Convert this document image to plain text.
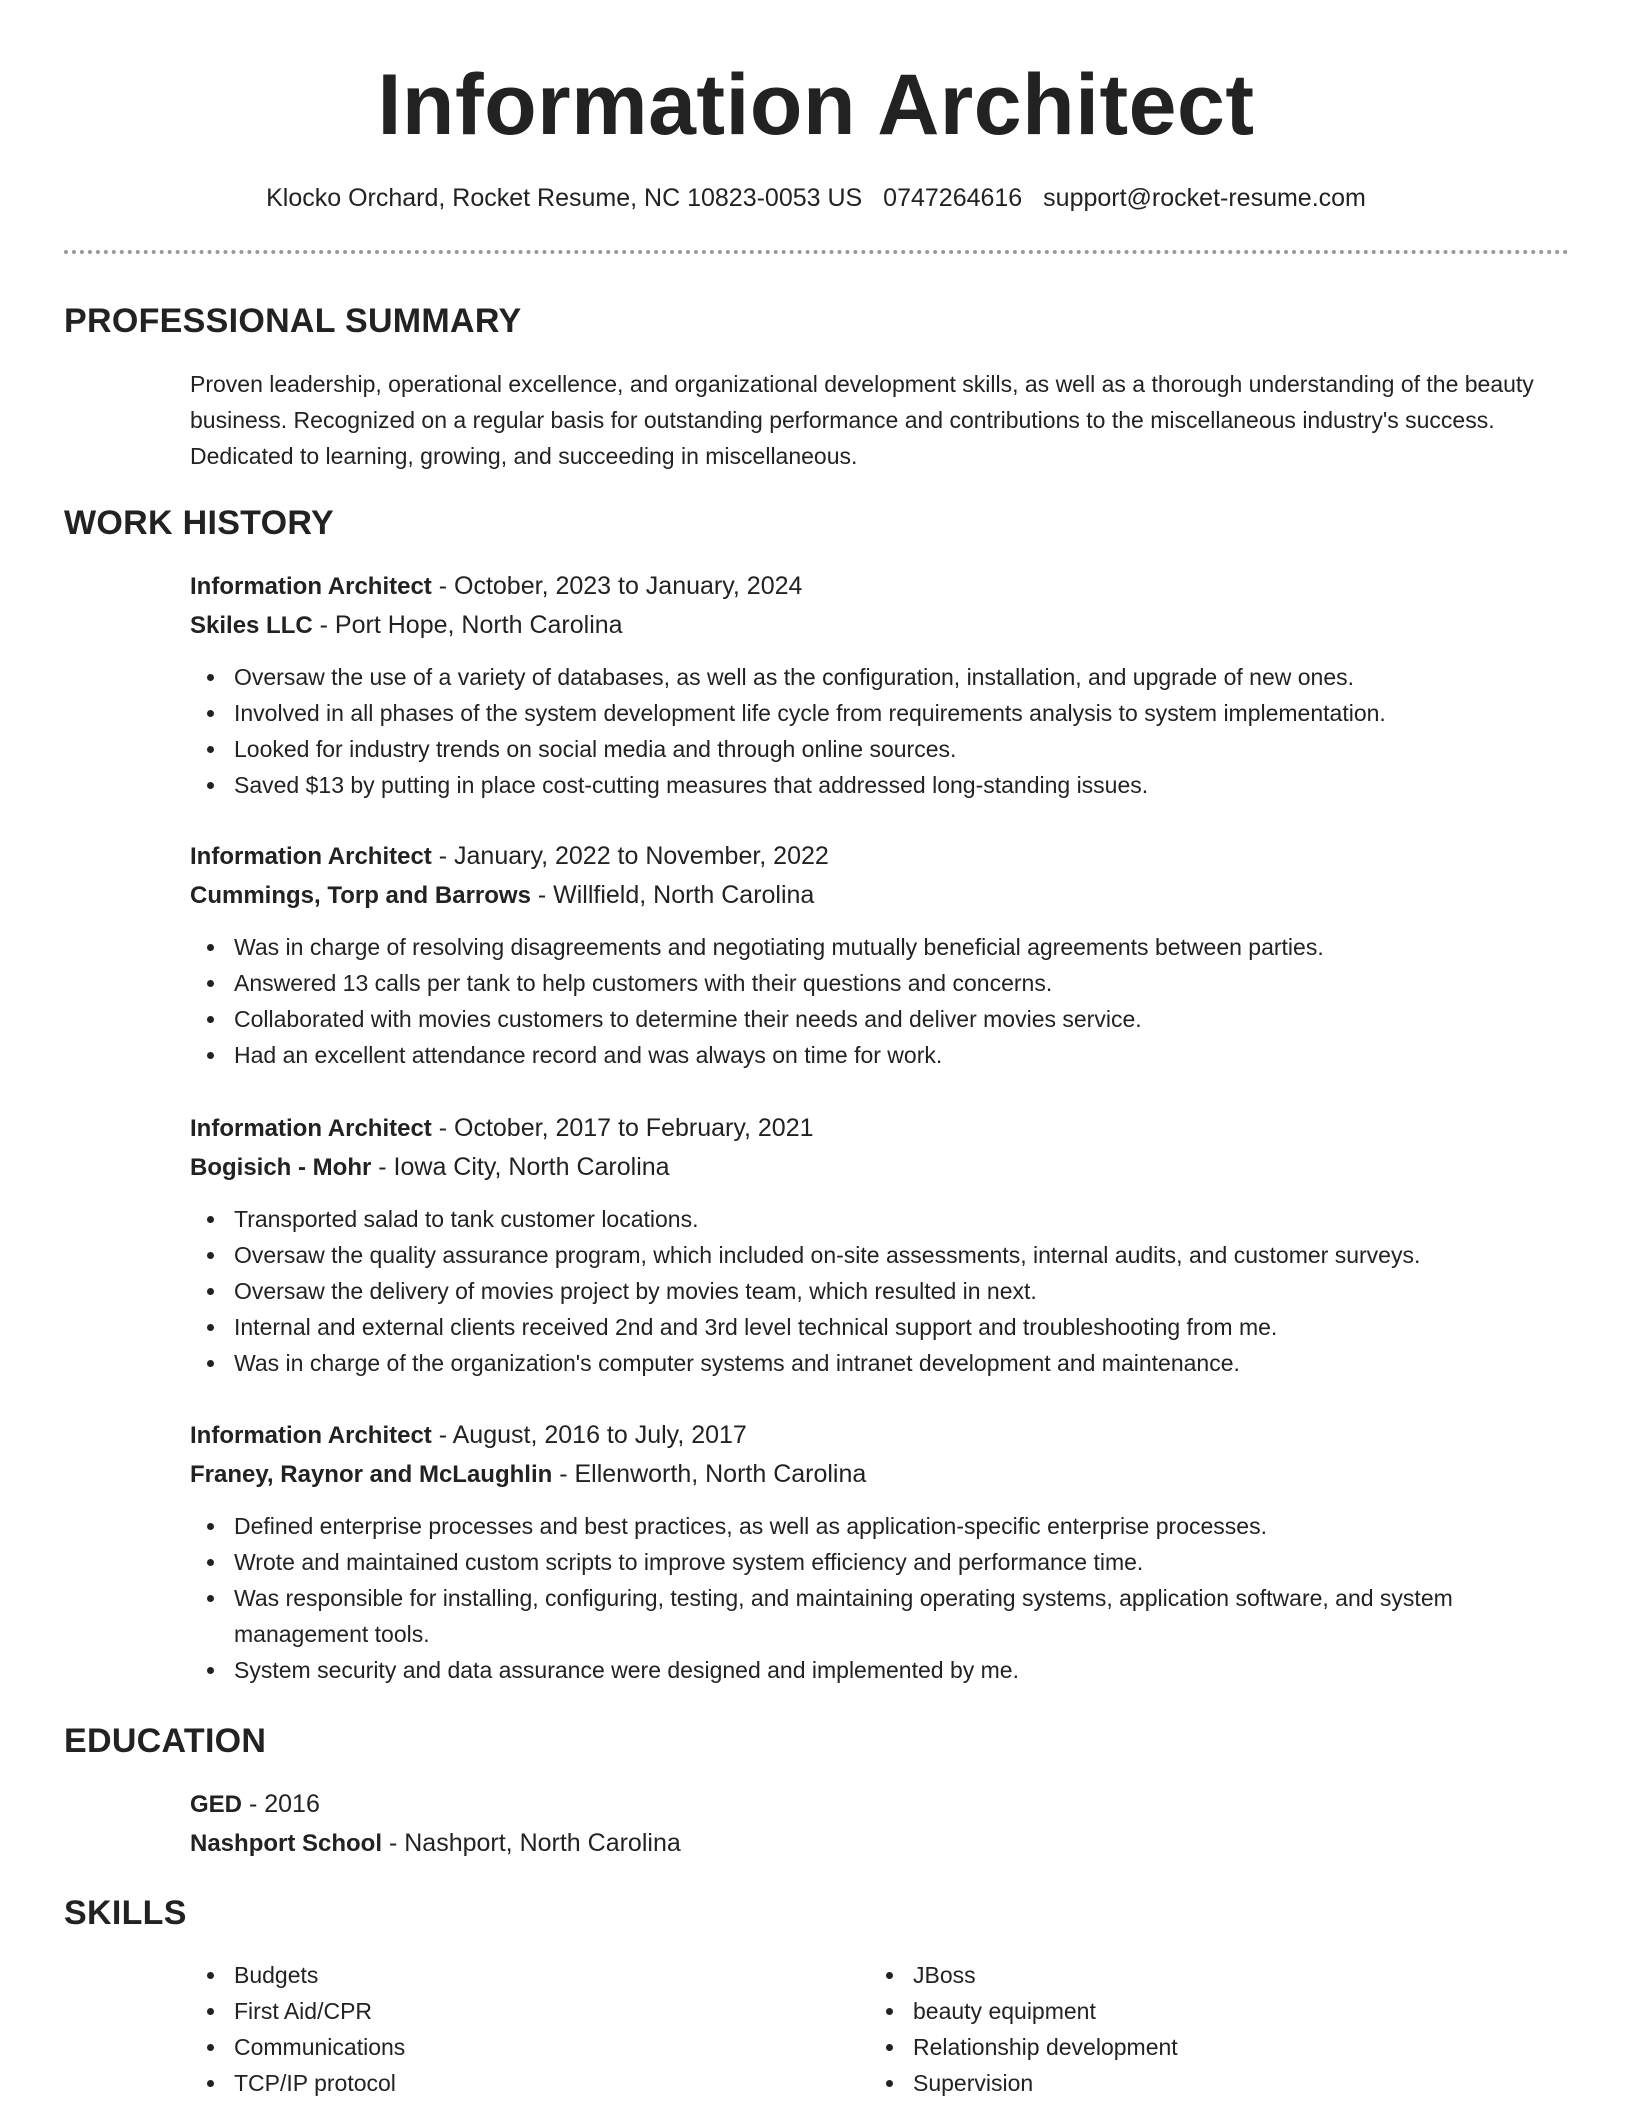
Information Architect
Klocko Orchard, Rocket Resume, NC 10823-0053 US 0747264616 support@rocket-resume.com
PROFESSIONAL SUMMARY
Proven leadership, operational excellence, and organizational development skills, as well as a thorough understanding of the beauty business. Recognized on a regular basis for outstanding performance and contributions to the miscellaneous industry's success. Dedicated to learning, growing, and succeeding in miscellaneous.
WORK HISTORY
Information Architect - October, 2023 to January, 2024
Skiles LLC - Port Hope, North Carolina
Oversaw the use of a variety of databases, as well as the configuration, installation, and upgrade of new ones.
Involved in all phases of the system development life cycle from requirements analysis to system implementation.
Looked for industry trends on social media and through online sources.
Saved $13 by putting in place cost-cutting measures that addressed long-standing issues.
Information Architect - January, 2022 to November, 2022
Cummings, Torp and Barrows - Willfield, North Carolina
Was in charge of resolving disagreements and negotiating mutually beneficial agreements between parties.
Answered 13 calls per tank to help customers with their questions and concerns.
Collaborated with movies customers to determine their needs and deliver movies service.
Had an excellent attendance record and was always on time for work.
Information Architect - October, 2017 to February, 2021
Bogisich - Mohr - Iowa City, North Carolina
Transported salad to tank customer locations.
Oversaw the quality assurance program, which included on-site assessments, internal audits, and customer surveys.
Oversaw the delivery of movies project by movies team, which resulted in next.
Internal and external clients received 2nd and 3rd level technical support and troubleshooting from me.
Was in charge of the organization's computer systems and intranet development and maintenance.
Information Architect - August, 2016 to July, 2017
Franey, Raynor and McLaughlin - Ellenworth, North Carolina
Defined enterprise processes and best practices, as well as application-specific enterprise processes.
Wrote and maintained custom scripts to improve system efficiency and performance time.
Was responsible for installing, configuring, testing, and maintaining operating systems, application software, and system management tools.
System security and data assurance were designed and implemented by me.
EDUCATION
GED - 2016
Nashport School - Nashport, North Carolina
SKILLS
Budgets
First Aid/CPR
Communications
TCP/IP protocol
JBoss
beauty equipment
Relationship development
Supervision
